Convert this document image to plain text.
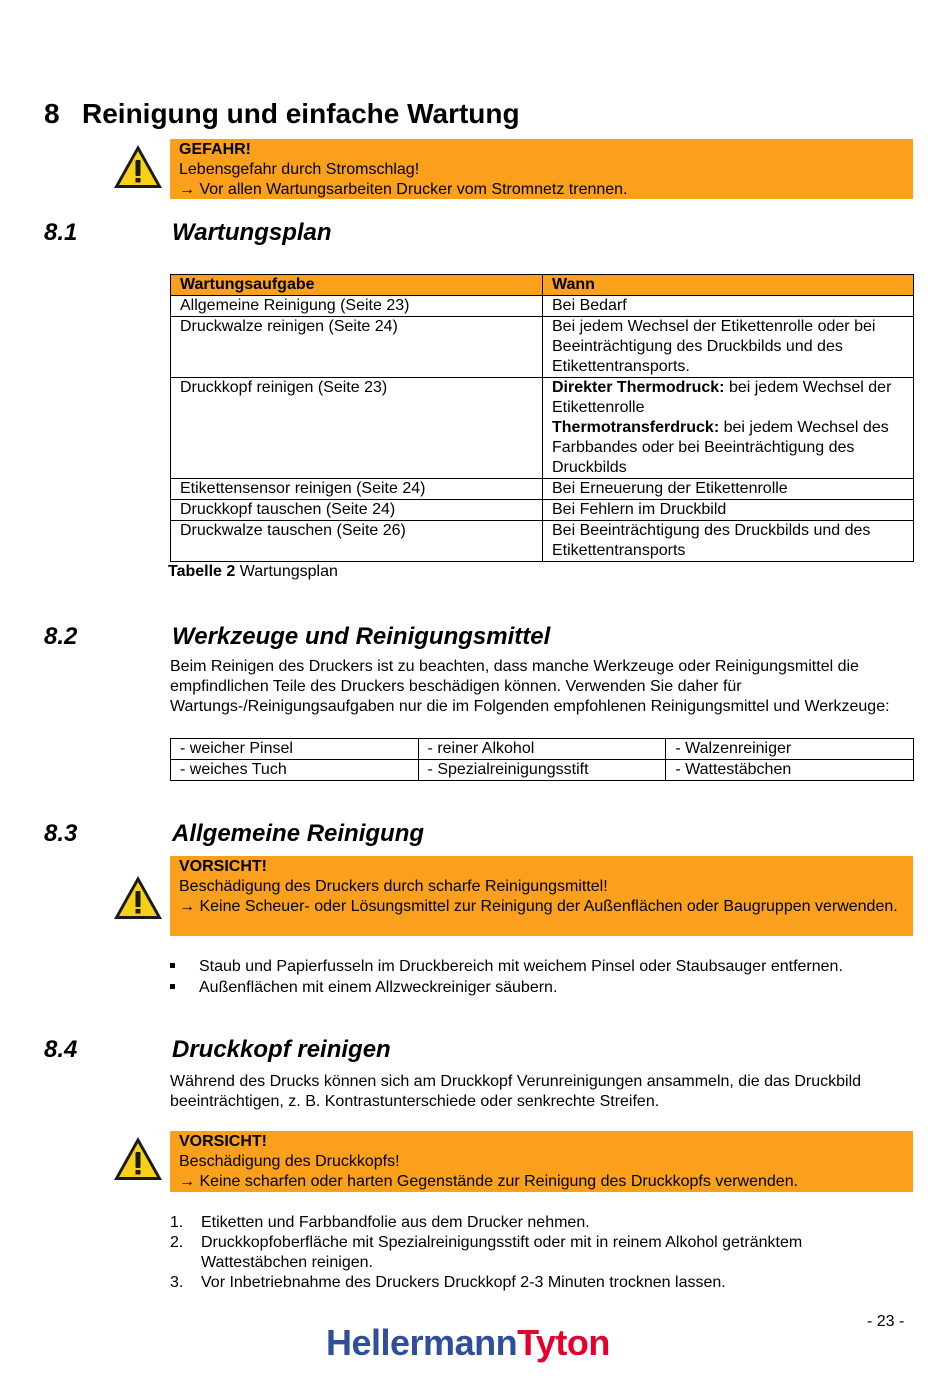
8 Reinigung und einfache Wartung
GEFAHR!
Lebensgefahr durch Stromschlag!
→ Vor allen Wartungsarbeiten Drucker vom Stromnetz trennen.
8.1	Wartungsplan
Wartungsaufgabe	Wann
Allgemeine Reinigung (Seite 23)	Bei Bedarf
Druckwalze reinigen (Seite 24)	Bei jedem Wechsel der Etikettenrolle oder bei Beeinträchtigung des Druckbilds und des Etikettentransports.
Druckkopf reinigen (Seite 23)	Direkter Thermodruck: bei jedem Wechsel der Etikettenrolle
Thermotransferdruck: bei jedem Wechsel des Farbbandes oder bei Beeinträchtigung des Druckbilds
Etikettensensor reinigen (Seite 24)	Bei Erneuerung der Etikettenrolle
Druckkopf tauschen (Seite 24)	Bei Fehlern im Druckbild
Druckwalze tauschen (Seite 26)	Bei Beeinträchtigung des Druckbilds und des Etikettentransports
Tabelle 2 Wartungsplan
8.2	Werkzeuge und Reinigungsmittel

Beim Reinigen des Druckers ist zu beachten, dass manche Werkzeuge oder Reinigungsmittel die empfindlichen Teile des Druckers beschädigen können. Verwenden Sie daher für Wartungs-/Reinigungsaufgaben nur die im Folgenden empfohlenen Reinigungsmittel und Werkzeuge:

- weicher Pinsel	- reiner Alkohol	- Walzenreiniger
- weiches Tuch	- Spezialreinigungsstift	- Wattestäbchen
8.3	Allgemeine Reinigung
VORSICHT!
Beschädigung des Druckers durch scharfe Reinigungsmittel!
→ Keine Scheuer- oder Lösungsmittel zur Reinigung der Außenflächen oder Baugruppen verwenden.
Staub und Papierfusseln im Druckbereich mit weichem Pinsel oder Staubsauger entfernen.
Außenflächen mit einem Allzweckreiniger säubern.
8.4	Druckkopf reinigen

Während des Drucks können sich am Druckkopf Verunreinigungen ansammeln, die das Druckbild beeinträchtigen, z. B. Kontrastunterschiede oder senkrechte Streifen.

VORSICHT!
Beschädigung des Druckkopfs!
→ Keine scharfen oder harten Gegenstände zur Reinigung des Druckkopfs verwenden.
1. Etiketten und Farbbandfolie aus dem Drucker nehmen.
2. Druckkopfoberfläche mit Spezialreinigungsstift oder mit in reinem Alkohol getränktem Wattestäbchen reinigen.
3. Vor Inbetriebnahme des Druckers Druckkopf 2-3 Minuten trocknen lassen.
- 23 -
HellermannTyton
